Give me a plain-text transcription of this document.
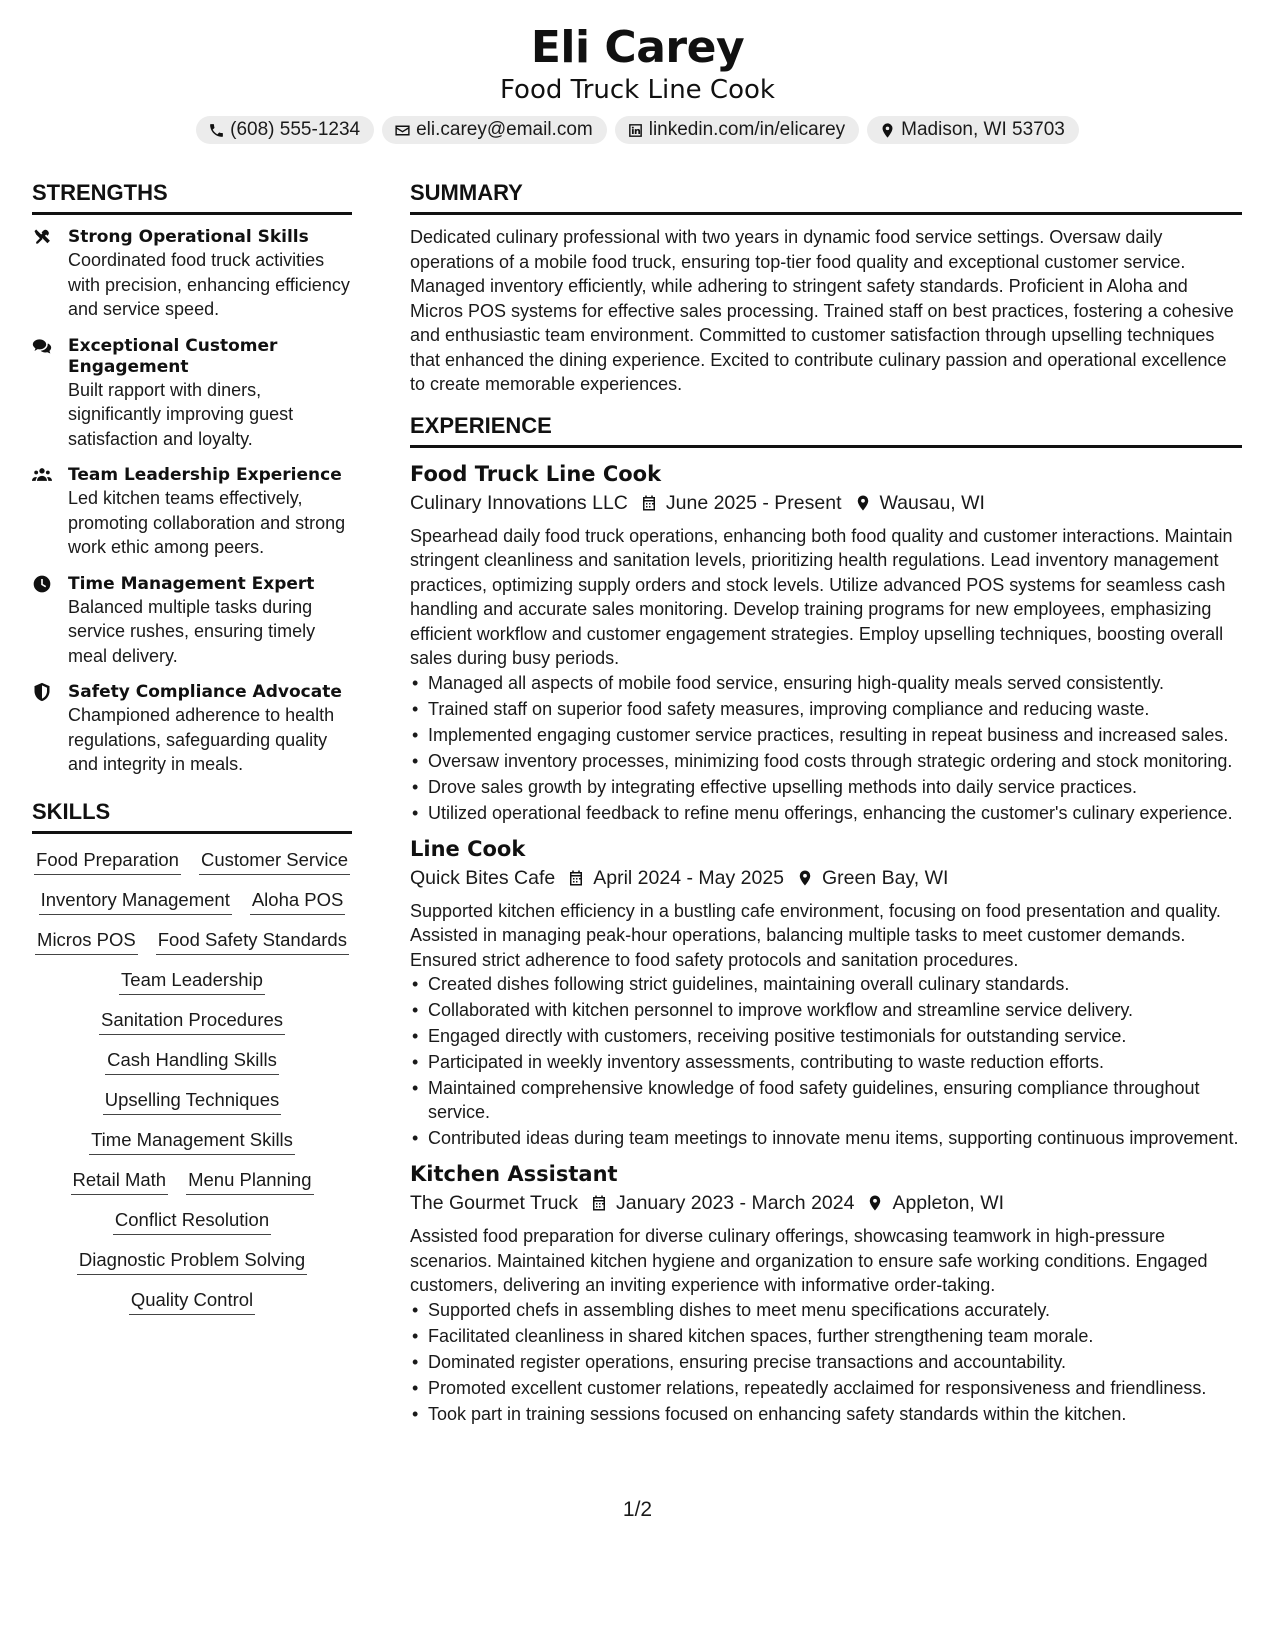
Eli Carey
Food Truck Line Cook
(608) 555-1234	eli.carey@email.com	linkedin.com/in/elicarey	Madison, WI 53703
STRENGTHS
Strong Operational Skills
Coordinated food truck activities with precision, enhancing efficiency and service speed.
Exceptional Customer Engagement
Built rapport with diners, significantly improving guest satisfaction and loyalty.
Team Leadership Experience
Led kitchen teams effectively, promoting collaboration and strong work ethic among peers.
Time Management Expert
Balanced multiple tasks during service rushes, ensuring timely meal delivery.
Safety Compliance Advocate
Championed adherence to health regulations, safeguarding quality and integrity in meals.
SKILLS
Food Preparation Customer Service
Inventory Management Aloha POS
Micros POS Food Safety Standards
Team Leadership
Sanitation Procedures
Cash Handling Skills
Upselling Techniques
Time Management Skills
Retail Math Menu Planning
Conflict Resolution
Diagnostic Problem Solving
Quality Control
SUMMARY
Dedicated culinary professional with two years in dynamic food service settings. Oversaw daily operations of a mobile food truck, ensuring top-tier food quality and exceptional customer service. Managed inventory efficiently, while adhering to stringent safety standards. Proficient in Aloha and Micros POS systems for effective sales processing. Trained staff on best practices, fostering a cohesive and enthusiastic team environment. Committed to customer satisfaction through upselling techniques that enhanced the dining experience. Excited to contribute culinary passion and operational excellence to create memorable experiences.
EXPERIENCE
Food Truck Line Cook
Culinary Innovations LLC June 2025 - Present Wausau, WI
Spearhead daily food truck operations, enhancing both food quality and customer interactions. Maintain stringent cleanliness and sanitation levels, prioritizing health regulations. Lead inventory management practices, optimizing supply orders and stock levels. Utilize advanced POS systems for seamless cash handling and accurate sales monitoring. Develop training programs for new employees, emphasizing efficient workflow and customer engagement strategies. Employ upselling techniques, boosting overall sales during busy periods.
• Managed all aspects of mobile food service, ensuring high-quality meals served consistently.
• Trained staff on superior food safety measures, improving compliance and reducing waste.
• Implemented engaging customer service practices, resulting in repeat business and increased sales.
• Oversaw inventory processes, minimizing food costs through strategic ordering and stock monitoring.
• Drove sales growth by integrating effective upselling methods into daily service practices.
• Utilized operational feedback to refine menu offerings, enhancing the customer's culinary experience.
Line Cook
Quick Bites Cafe April 2024 - May 2025 Green Bay, WI
Supported kitchen efficiency in a bustling cafe environment, focusing on food presentation and quality. Assisted in managing peak-hour operations, balancing multiple tasks to meet customer demands. Ensured strict adherence to food safety protocols and sanitation procedures.
• Created dishes following strict guidelines, maintaining overall culinary standards.
• Collaborated with kitchen personnel to improve workflow and streamline service delivery.
• Engaged directly with customers, receiving positive testimonials for outstanding service.
• Participated in weekly inventory assessments, contributing to waste reduction efforts.
• Maintained comprehensive knowledge of food safety guidelines, ensuring compliance throughout service.
• Contributed ideas during team meetings to innovate menu items, supporting continuous improvement.
Kitchen Assistant
The Gourmet Truck January 2023 - March 2024 Appleton, WI
Assisted food preparation for diverse culinary offerings, showcasing teamwork in high-pressure scenarios. Maintained kitchen hygiene and organization to ensure safe working conditions. Engaged customers, delivering an inviting experience with informative order-taking.
• Supported chefs in assembling dishes to meet menu specifications accurately.
• Facilitated cleanliness in shared kitchen spaces, further strengthening team morale.
• Dominated register operations, ensuring precise transactions and accountability.
• Promoted excellent customer relations, repeatedly acclaimed for responsiveness and friendliness.
• Took part in training sessions focused on enhancing safety standards within the kitchen.
1/2
